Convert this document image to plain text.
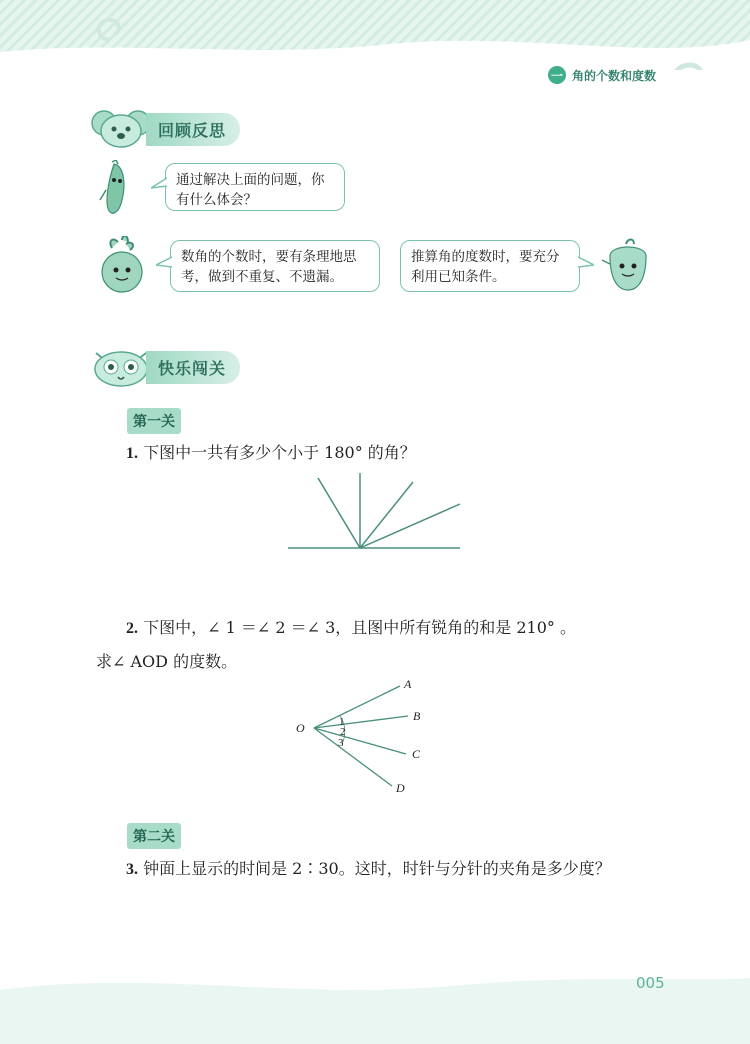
一 角的个数和度数
回顾反思
通过解决上面的问题，你有什么体会？
数角的个数时，要有条理地思考，做到不重复、不遗漏。
推算角的度数时，要充分利用已知条件。
快乐闯关
第一关
1. 下图中一共有多少个小于 180° 的角？
2. 下图中，∠ 1 ＝∠ 2 ＝∠ 3，且图中所有锐角的和是 210° 。
求∠ AOD 的度数。
O
A
B
C
D
1
2
3
第二关
3. 钟面上显示的时间是 2∶30。这时，时针与分针的夹角是多少度？
005
